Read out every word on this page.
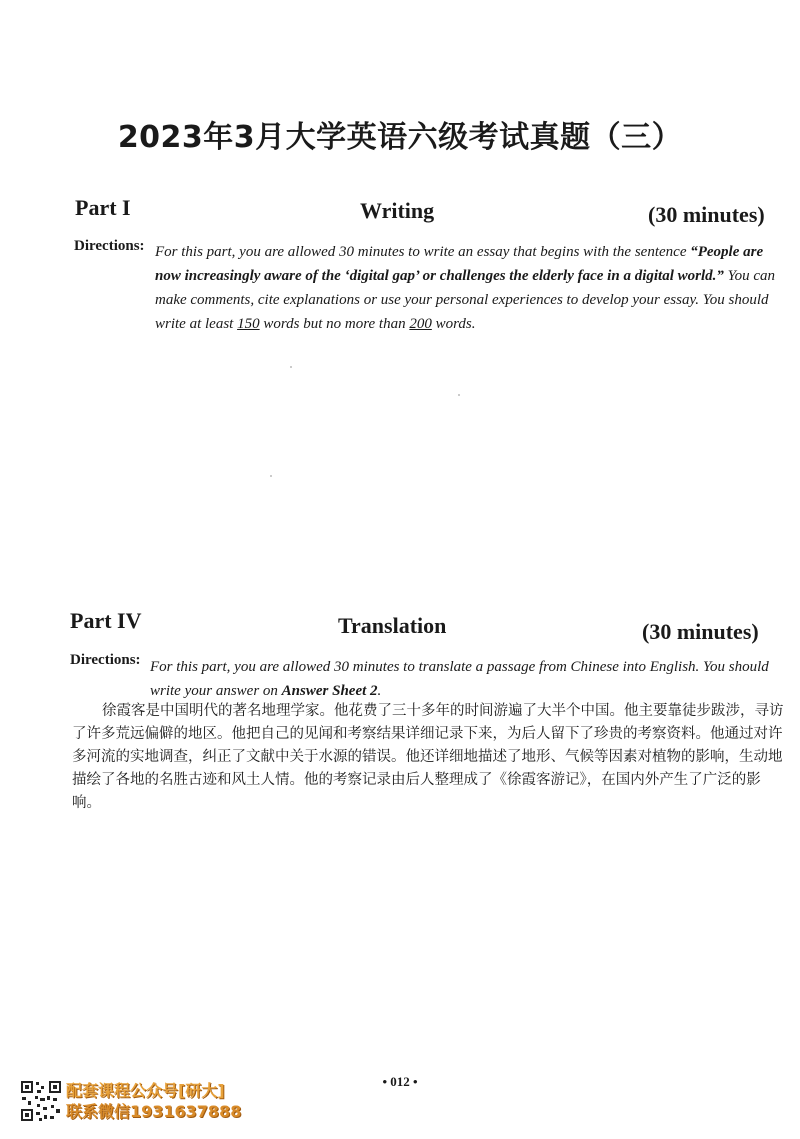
2023年3月大学英语六级考试真题（三）
Part I	Writing	(30 minutes)
Directions: For this part, you are allowed 30 minutes to write an essay that begins with the sentence “People are now increasingly aware of the ‘digital gap’ or challenges the elderly face in a digital world.” You can make comments, cite explanations or use your personal experiences to develop your essay. You should write at least 150 words but no more than 200 words.
Part IV	Translation	(30 minutes)
Directions: For this part, you are allowed 30 minutes to translate a passage from Chinese into English. You should write your answer on Answer Sheet 2.
徐霞客是中国明代的著名地理学家。他花费了三十多年的时间游遍了大半个中国。他主要靠徒步跋涉，寻访了许多荒远偏僻的地区。他把自己的见闻和考察结果详细记录下来，为后人留下了珍贵的考察资料。他通过对许多河流的实地调查，纠正了文献中关于水源的错误。他还详细地描述了地形、气候等因素对植物的影响，生动地描绘了各地的名胜古迹和风土人情。他的考察记录由后人整理成了《徐霞客游记》，在国内外产生了广泛的影响。
• 012 •
配套课程公众号[研大]
联系微信1931637888
